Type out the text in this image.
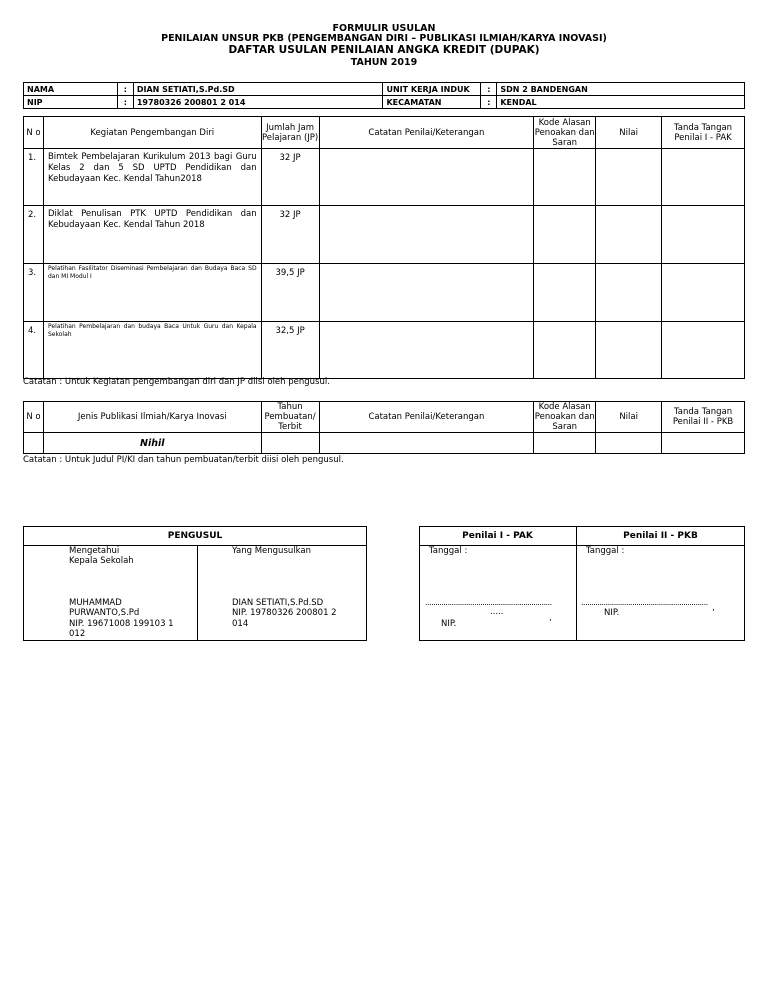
FORMULIR USULAN
PENILAIAN UNSUR PKB (PENGEMBANGAN DIRI – PUBLIKASI ILMIAH/KARYA INOVASI)
DAFTAR USULAN PENILAIAN ANGKA KREDIT (DUPAK)
TAHUN 2019
NAMA	:	DIAN SETIATI,S.Pd.SD	UNIT KERJA INDUK	:	SDN 2 BANDENGAN
NIP	:	19780326 200801 2 014	KECAMATAN	:	KENDAL
N o	Kegiatan Pengembangan Diri	Jumlah Jam Pelajaran (JP)	Catatan Penilai/Keterangan	Kode Alasan Penoakan dan Saran	Nilai	Tanda Tangan Penilai I - PAK
1.	Bimtek Pembelajaran Kurikulum 2013 bagi Guru Kelas 2 dan 5 SD UPTD Pendidikan dan Kebudayaan Kec. Kendal Tahun2018	32 JP				
2.	Diklat Penulisan PTK UPTD Pendidikan dan Kebudayaan Kec. Kendal Tahun 2018	32 JP				
3.	Pelatihan Fasilitator Diseminasi Pembelajaran dan Budaya Baca SD dan MI Modul I	39,5 JP				
4.	Pelatihan Pembelajaran dan budaya Baca Untuk Guru dan Kepala Sekolah	32,5 JP				
Catatan : Untuk Kegiatan pengembangan diri dan JP diisi oleh pengusul.
N o	Jenis Publikasi Ilmiah/Karya Inovasi	Tahun Pembuatan/ Terbit	Catatan Penilai/Keterangan	Kode Alasan Penoakan dan Saran	Nilai	Tanda Tangan Penilai II - PKB
	Nihil					
Catatan : Untuk Judul PI/KI dan tahun pembuatan/terbit diisi oleh pengusul.
PENGUSUL
Mengetahui
Kepala Sekolah
MUHAMMAD
PURWANTO,S.Pd
NIP. 19671008 199103 1
012
Yang Mengusulkan
DIAN SETIATI,S.Pd.SD
NIP. 19780326 200801 2
014
Penilai I - PAK	Penilai II - PKB
Tanggal :
..............................................................
.....
‚
NIP.
Tanggal :
..............................................................
‚
NIP.
